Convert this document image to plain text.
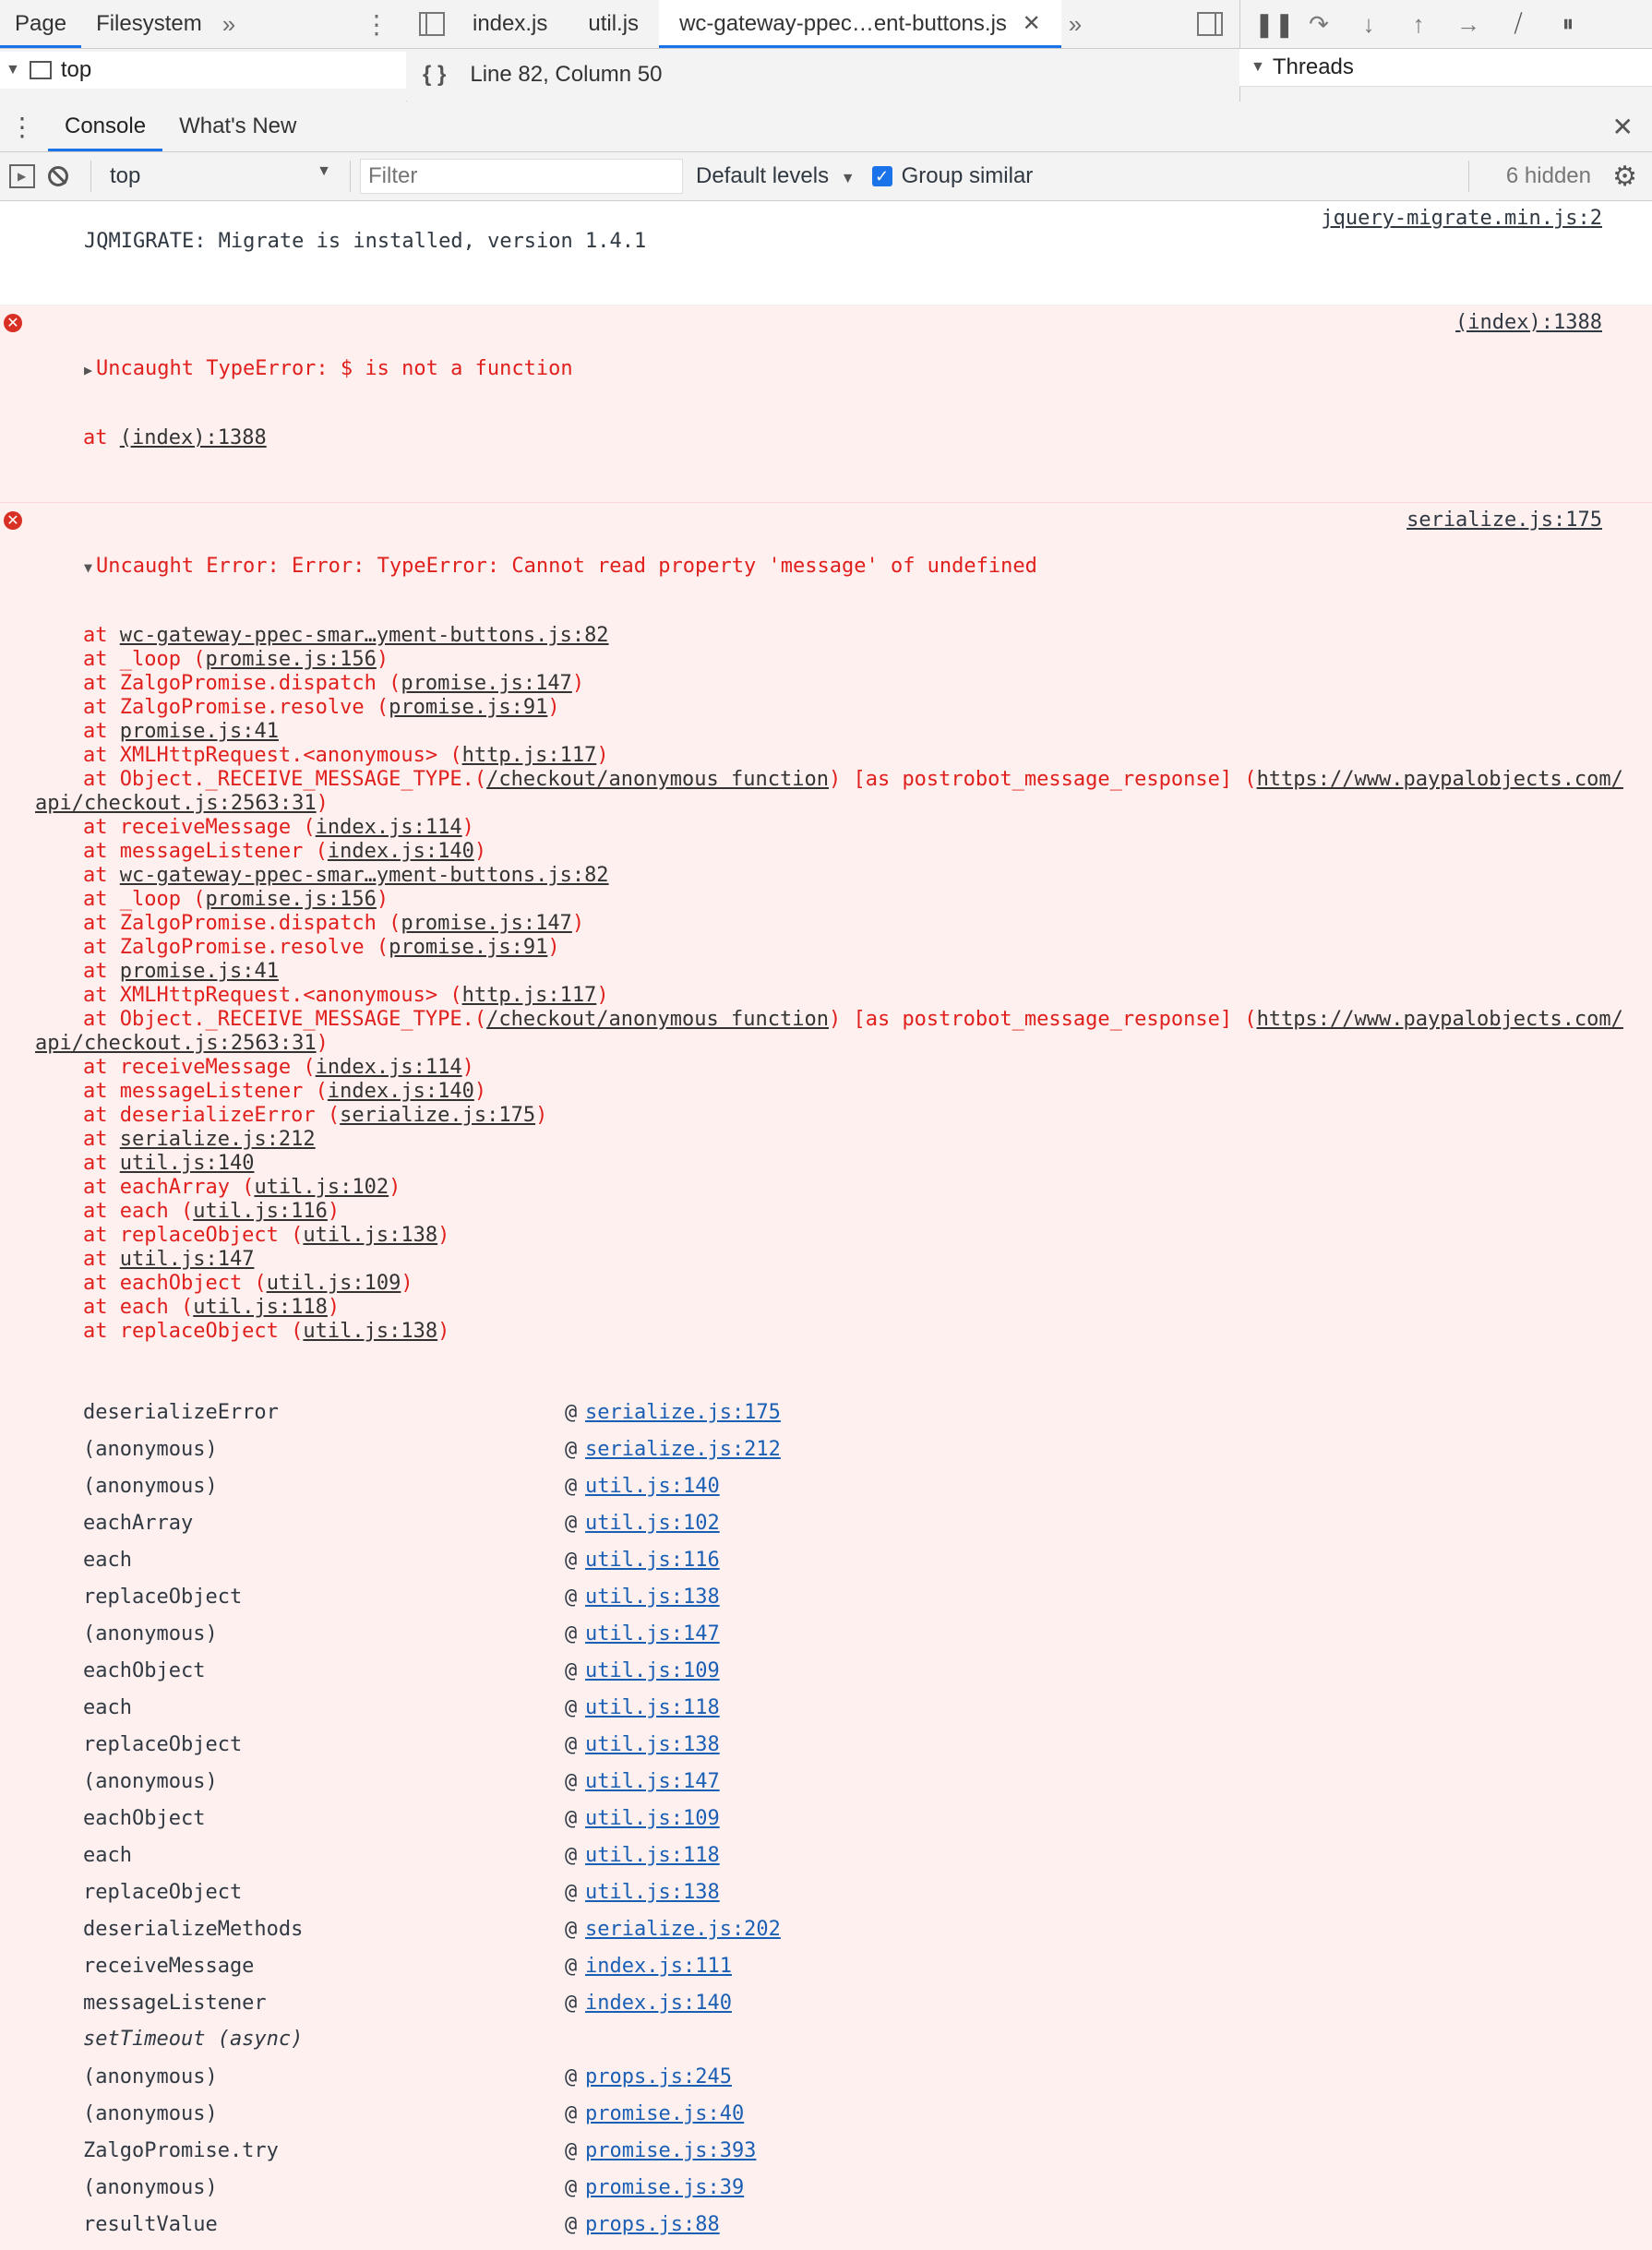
Page	Filesystem »	⋮
▼ top
index.js	util.js	wc-gateway-ppec…ent-buttons.js ✕	»
{ } Line 82, Column 50
❚❚ ↷	↓	↑	→	⧸	⏸
▼ Threads
⋮	Console	What's New	✕
▶	top	▼
Filter	Default levels ▼ ✓ Group similar	6 hidden ⚙

JQMIGRATE: Migrate is installed, version 1.4.1

jquery-migrate.min.js:2

✕

▶ Uncaught TypeError: $ is not a function

(index):1388

at (index):1388

✕

▼ Uncaught Error: Error: TypeError: Cannot read property 'message' of undefined

serialize.js:175

at wc-gateway-ppec-smar…yment-buttons.js:82
at _loop (promise.js:156)
at ZalgoPromise.dispatch (promise.js:147)
at ZalgoPromise.resolve (promise.js:91)
at promise.js:41
at XMLHttpRequest.<anonymous> (http.js:117)
at Object._RECEIVE_MESSAGE_TYPE.(/checkout/anonymous function) [as postrobot_message_response] (https://www.paypalobjects.com/api/checkout.js:2563:31)
at receiveMessage (index.js:114)
at messageListener (index.js:140)
at wc-gateway-ppec-smar…yment-buttons.js:82
at _loop (promise.js:156)
at ZalgoPromise.dispatch (promise.js:147)
at ZalgoPromise.resolve (promise.js:91)
at promise.js:41
at XMLHttpRequest.<anonymous> (http.js:117)
at Object._RECEIVE_MESSAGE_TYPE.(/checkout/anonymous function) [as postrobot_message_response] (https://www.paypalobjects.com/api/checkout.js:2563:31)
at receiveMessage (index.js:114)
at messageListener (index.js:140)
at deserializeError (serialize.js:175)
at serialize.js:212
at util.js:140
at eachArray (util.js:102)
at each (util.js:116)
at replaceObject (util.js:138)
at util.js:147
at eachObject (util.js:109)
at each (util.js:118)
at replaceObject (util.js:138)

deserializeError	@ serialize.js:175
(anonymous)	@ serialize.js:212
(anonymous)	@ util.js:140
eachArray	@ util.js:102
each	@ util.js:116
replaceObject	@ util.js:138
(anonymous)	@ util.js:147
eachObject	@ util.js:109
each	@ util.js:118
replaceObject	@ util.js:138
(anonymous)	@ util.js:147
eachObject	@ util.js:109
each	@ util.js:118
replaceObject	@ util.js:138
deserializeMethods	@ serialize.js:202
receiveMessage	@ index.js:111
messageListener	@ index.js:140
setTimeout (async)
(anonymous)	@ props.js:245
(anonymous)	@ promise.js:40
ZalgoPromise.try	@ promise.js:393
(anonymous)	@ promise.js:39
resultValue	@ props.js:88
